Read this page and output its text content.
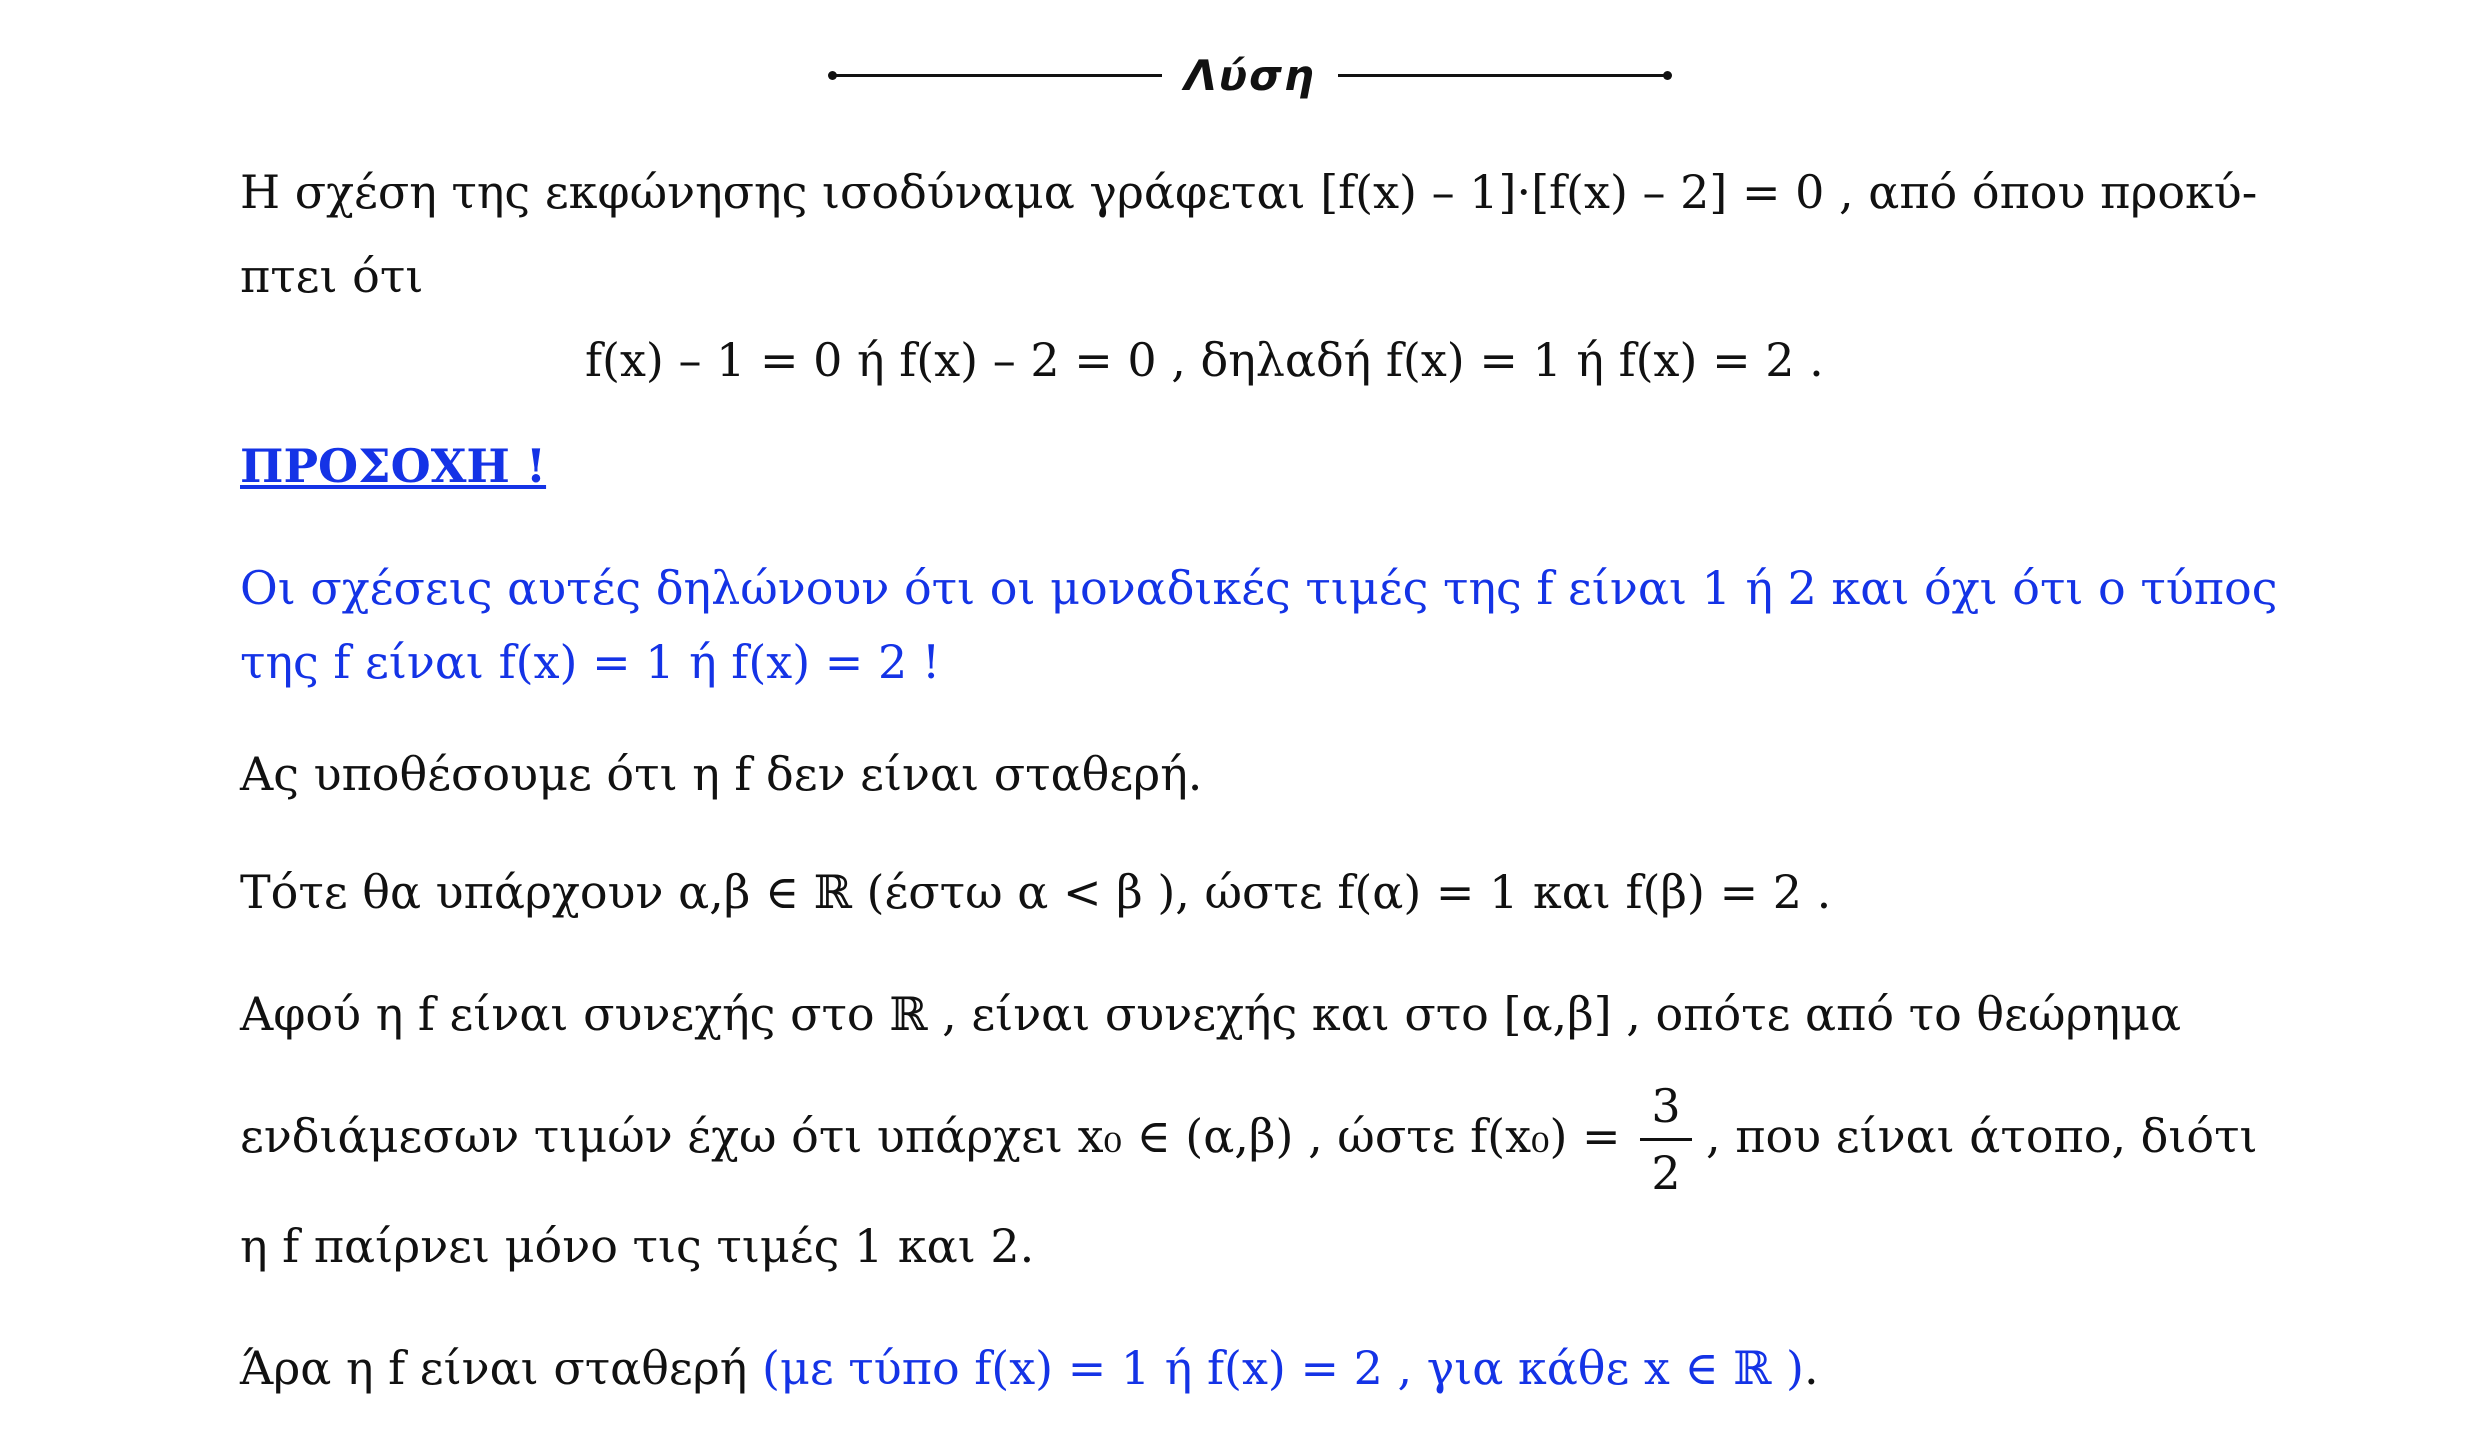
Λύση
Η σχέση της εκφώνησης ισοδύναμα γράφεται [f(x) – 1]·[f(x) – 2] = 0 , από όπου προκύ-
πτει ότι
f(x) – 1 = 0 ή f(x) – 2 = 0 , δηλαδή f(x) = 1 ή f(x) = 2 .
ΠΡΟΣΟΧΗ !
Οι σχέσεις αυτές δηλώνουν ότι οι μοναδικές τιμές της f είναι 1 ή 2 και όχι ότι ο τύπος
της f είναι f(x) = 1 ή f(x) = 2 !
Ας υποθέσουμε ότι η f δεν είναι σταθερή.
Τότε θα υπάρχουν α,β ∈ ℝ (έστω α < β ), ώστε f(α) = 1 και f(β) = 2 .
Αφού η f είναι συνεχής στο ℝ , είναι συνεχής και στο [α,β] , οπότε από το θεώρημα
ενδιάμεσων τιμών έχω ότι υπάρχει x₀ ∈ (α,β) , ώστε $f(x_0) = \frac{3}{2}$ , που είναι άτοπο, διότι
η f παίρνει μόνο τις τιμές 1 και 2.
Άρα η f είναι σταθερή (με τύπο f(x) = 1 ή f(x) = 2 , για κάθε x ∈ ℝ ).
